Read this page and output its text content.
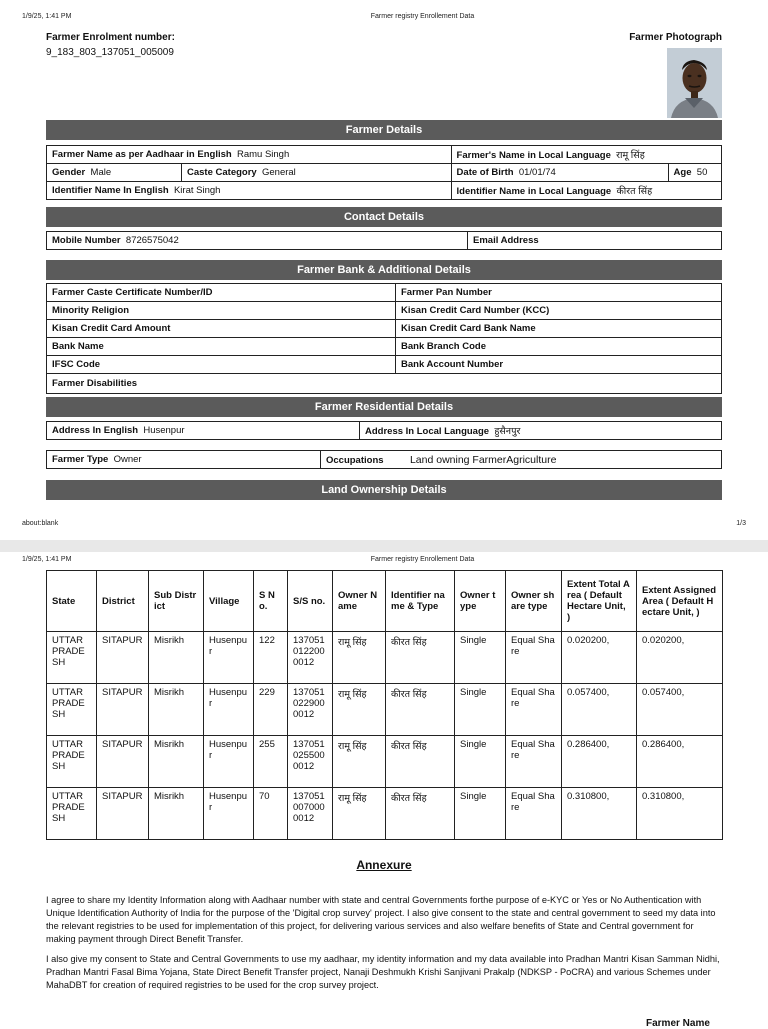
1/9/25, 1:41 PM	Farmer registry Enrollement Data
Farmer Enrolment number:
9_183_803_137051_005009
Farmer Photograph
Farmer Details
Farmer Name as per Aadhaar in English Ramu Singh		Farmer's Name in Local Language रामू सिंह	
Gender Male	Caste Category General	Date of Birth 01/01/74	Age 50
Identifier Name In English Kirat Singh		Identifier Name in Local Language कीरत सिंह	
Contact Details
Mobile Number 8726575042	Email Address
Farmer Bank & Additional Details
Farmer Caste Certificate Number/ID	Farmer Pan Number
Minority Religion	Kisan Credit Card Number (KCC)
Kisan Credit Card Amount	Kisan Credit Card Bank Name
Bank Name	Bank Branch Code
IFSC Code	Bank Account Number
Farmer Disabilities	
Farmer Residential Details
Address In English Husenpur	Address In Local Language हुसैनपुर
Farmer Type Owner	Occupations	Land owning FarmerAgriculture
Land Ownership Details
about:blank	1/3
1/9/25, 1:41 PM	Farmer registry Enrollement Data
State	District	Sub District	Village	S No.	S/S no.	Owner Name	Identifier name & Type	Owner type	Owner share type	Extent Total Area ( Default Hectare Unit, )	Extent Assigned Area ( Default Hectare Unit, )
UTTAR PRADESH	SITAPUR	Misrikh	Husenpur	122	1370510122000012	रामू सिंह	कीरत सिंह	Single	Equal Share	0.020200,	0.020200,
UTTAR PRADESH	SITAPUR	Misrikh	Husenpur	229	1370510229000012	रामू सिंह	कीरत सिंह	Single	Equal Share	0.057400,	0.057400,
UTTAR PRADESH	SITAPUR	Misrikh	Husenpur	255	1370510255000012	रामू सिंह	कीरत सिंह	Single	Equal Share	0.286400,	0.286400,
UTTAR PRADESH	SITAPUR	Misrikh	Husenpur	70	1370510070000012	रामू सिंह	कीरत सिंह	Single	Equal Share	0.310800,	0.310800,
Annexure
I agree to share my Identity Information along with Aadhaar number with state and central Governments forthe purpose of e-KYC or Yes or No Authentication with Unique Identification Authority of India for the purpose of the 'Digital crop survey' project. I also give consent to the state and central government to seed my data into the relevant registries to be used for implementation of this project, for delivering various services and also welfare benefits of State and Central government for making payment through Direct Benefit Transfer.
I also give my consent to State and Central Governments to use my aadhaar, my identity information and my data available into Pradhan Mantri Kisan Samman Nidhi, Pradhan Mantri Fasal Bima Yojana, State Direct Benefit Transfer project, Nanaji Deshmukh Krishi Sanjivani Prakalp (NDKSP - PoCRA) and various Schemes under MahaDBT for creation of required registries to be used for the crop survey project.
Farmer Name
